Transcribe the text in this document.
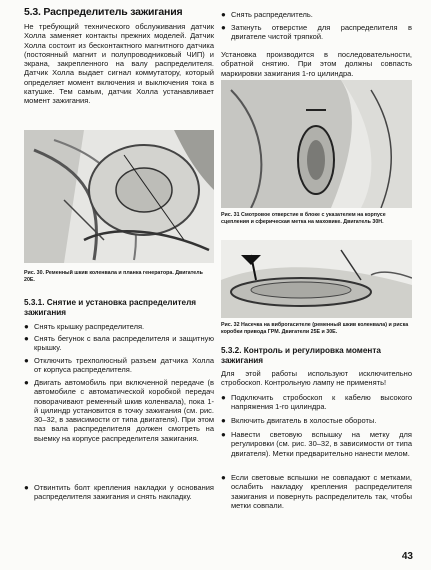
5.3. Распределитель зажигания
Не требующий технического обслуживания датчик Холла заменяет контакты прежних моделей. Датчик Холла состоит из бесконтактного магнитного датчика (постоянный магнит и полупроводниковый ЧИП) и экрана, закрепленного на валу распределителя. Датчик Холла выдает сигнал коммутатору, который определяет момент включения и выключения тока в катушке. Тем самым, датчик Холла устанавливает момент зажигания.
Рис. 30. Ременный шкив коленвала и планка генератора. Двигатель 20Е.
5.3.1. Снятие и установка распределителя зажигания
● Снять крышку распределителя.
● Снять бегунок с вала распределителя и защитную крышку.
● Отключить трехполюсный разъем датчика Холла от корпуса распределителя.
● Двигать автомобиль при включенной передаче (в автомобиле с автоматической коробкой передач поворачивают ременный шкив коленвала), пока 1-й цилиндр установится в точку зажигания (см. рис. 30–32, в зависимости от типа двигателя). При этом паз вала распределителя должен смотреть на выемку на корпусе распределителя зажигания.
● Отвинтить болт крепления накладки у основания распределителя зажигания и снять накладку.
● Снять распределитель.
● Заткнуть отверстие для распределителя в двигателе чистой тряпкой.
Установка производится в последовательности, обратной снятию. При этом должны совпасть маркировки зажигания 1-го цилиндра.
Рис. 31 Смотровое отверстие в блоке с указателем на корпусе сцепления и сферическая метка на маховике. Двигатель 30Н.
Рис. 32 Насечка на виброгасителе (ременный шкив коленвала) и риска коробки привода ГРМ. Двигатели 25Е и 30Е.
5.3.2. Контроль и регулировка момента зажигания
Для этой работы используют исключительно стробоскоп. Контрольную лампу не применять!
● Подключить стробоскоп к кабелю высокого напряжения 1-го цилиндра.
● Включить двигатель в холостые обороты.
● Навести световую вспышку на метку для регулировки (см. рис. 30–32, в зависимости от типа двигателя). Метки предварительно нанести мелом.
● Если световые вспышки не совпадают с метками, ослабить накладку крепления распределителя зажигания и повернуть распределитель так, чтобы метки совпали.
43
